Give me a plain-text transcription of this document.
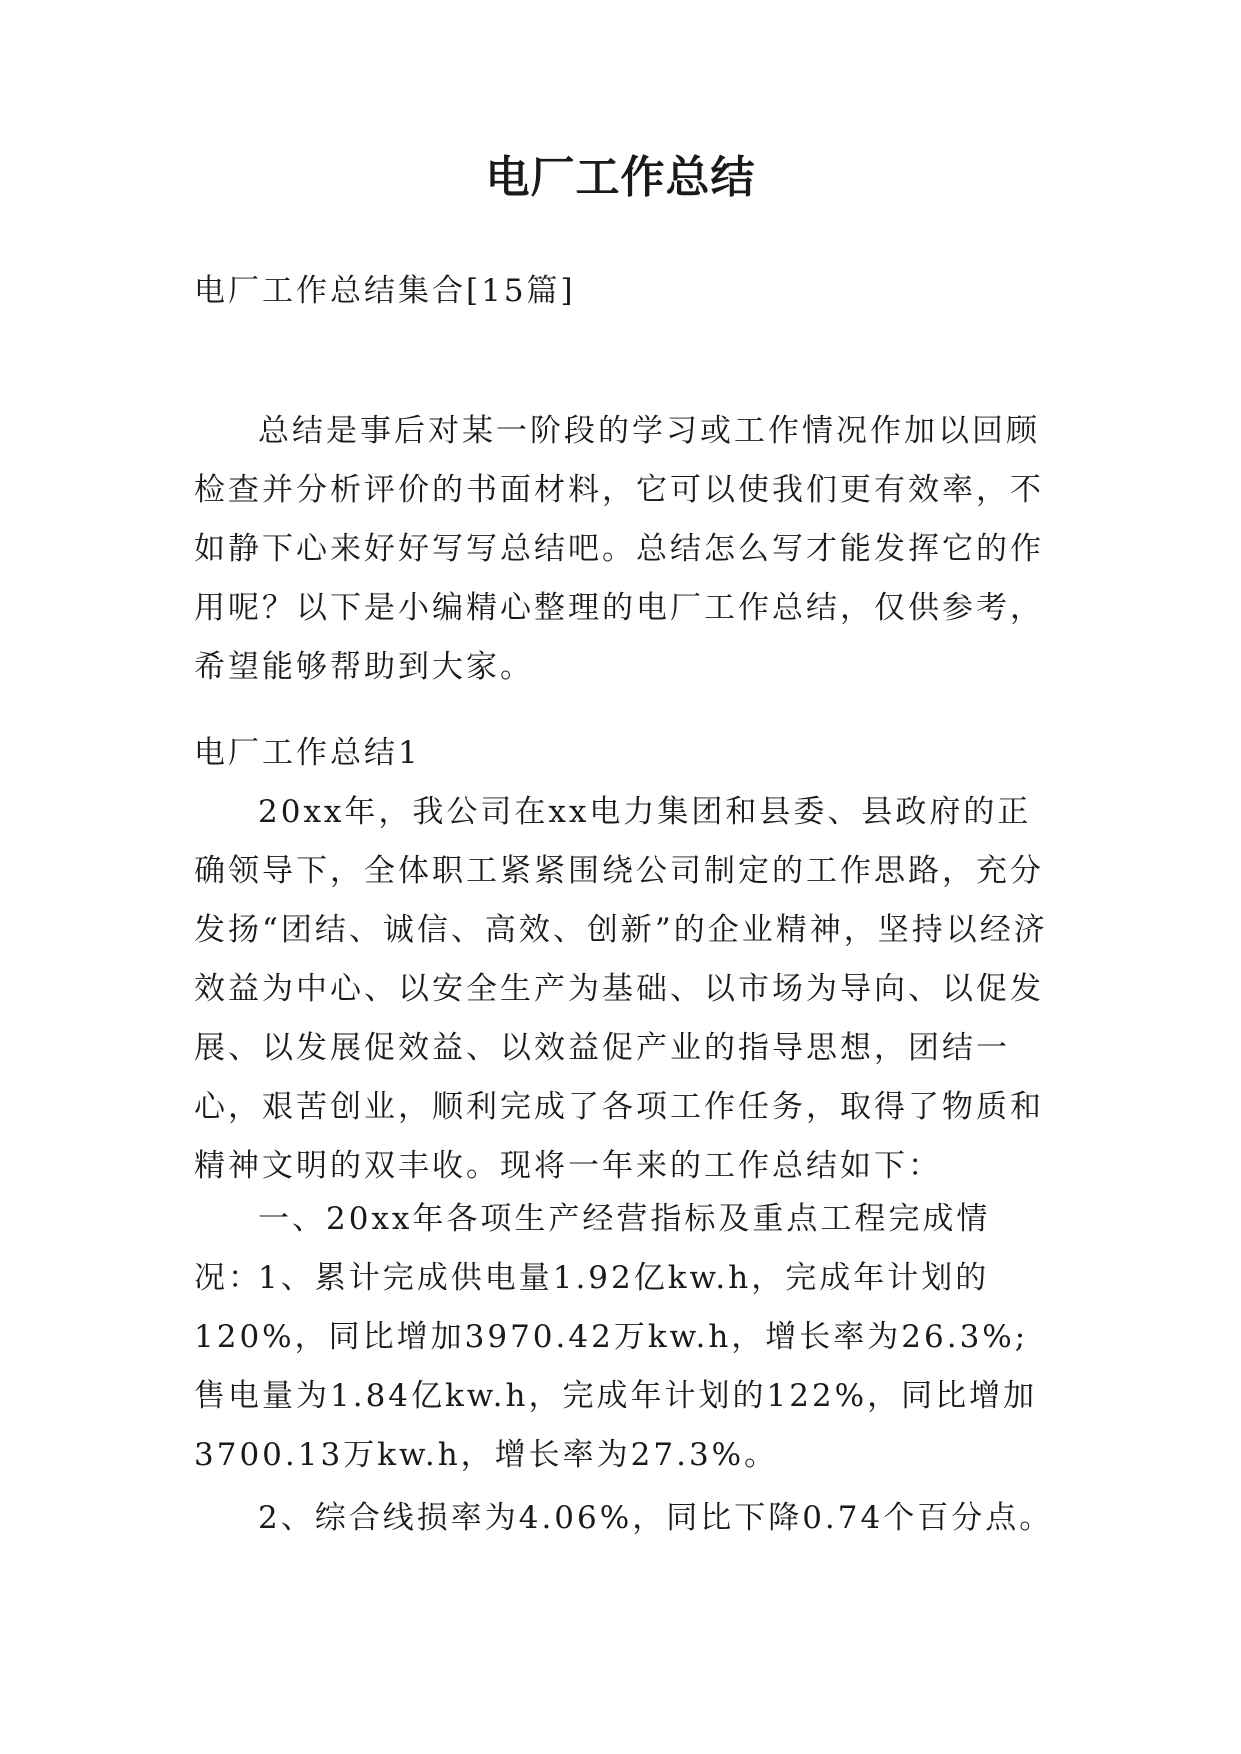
电厂工作总结
电厂工作总结集合[15篇]
总结是事后对某一阶段的学习或工作情况作加以回顾检查并分析评价的书面材料，它可以使我们更有效率，不如静下心来好好写写总结吧。总结怎么写才能发挥它的作用呢？以下是小编精心整理的电厂工作总结，仅供参考，希望能够帮助到大家。
电厂工作总结1
20xx年，我公司在xx电力集团和县委、县政府的正确领导下，全体职工紧紧围绕公司制定的工作思路，充分发扬“团结、诚信、高效、创新”的企业精神，坚持以经济效益为中心、以安全生产为基础、以市场为导向、以促发展、以发展促效益、以效益促产业的指导思想，团结一心，艰苦创业，顺利完成了各项工作任务，取得了物质和精神文明的双丰收。现将一年来的工作总结如下：
一、20xx年各项生产经营指标及重点工程完成情况：
1、累计完成供电量1.92亿kw.h，完成年计划的120%，同比增加3970.42万kw.h，增长率为26.3%;售电量为1.84亿kw.h，完成年计划的122%，同比增加3700.13万kw.h，增长率为27.3%。
2、综合线损率为4.06%，同比下降0.74个百分点。
